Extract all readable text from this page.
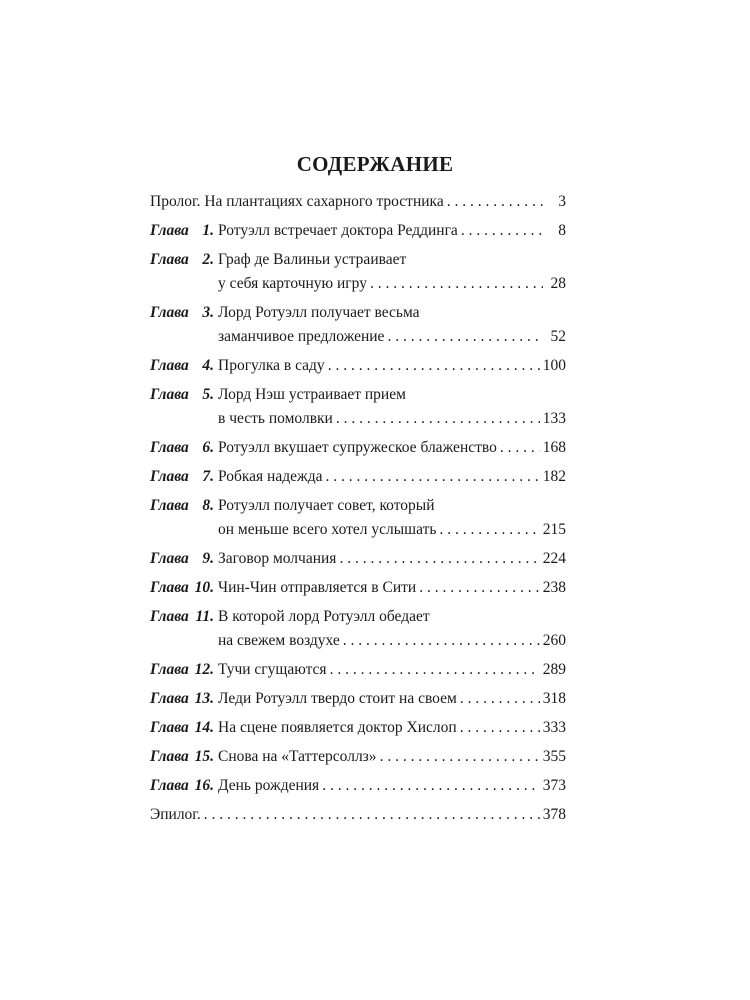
СОДЕРЖАНИЕ
Пролог. На плантациях сахарного тростника . . .	3
Глава 1. Ротуэлл встречает доктора Реддинга . . .	8
Глава 2. Граф де Валиньи устраивает
у себя карточную игру . . .	28
Глава 3. Лорд Ротуэлл получает весьма
заманчивое предложение . . .	52
Глава 4. Прогулка в саду . . .	100
Глава 5. Лорд Нэш устраивает прием
в честь помолвки . . .	133
Глава 6. Ротуэлл вкушает супружеское блаженство . . .	168
Глава 7. Робкая надежда . . .	182
Глава 8. Ротуэлл получает совет, который
он меньше всего хотел услышать . . .	215
Глава 9. Заговор молчания . . .	224
Глава 10. Чин-Чин отправляется в Сити . . .	238
Глава 11. В которой лорд Ротуэлл обедает
на свежем воздухе . . .	260
Глава 12. Тучи сгущаются . . .	289
Глава 13. Леди Ротуэлл твердо стоит на своем . . .	318
Глава 14. На сцене появляется доктор Хислоп . . .	333
Глава 15. Снова на «Таттерсоллз» . . .	355
Глава 16. День рождения . . .	373
Эпилог. . . .	378
